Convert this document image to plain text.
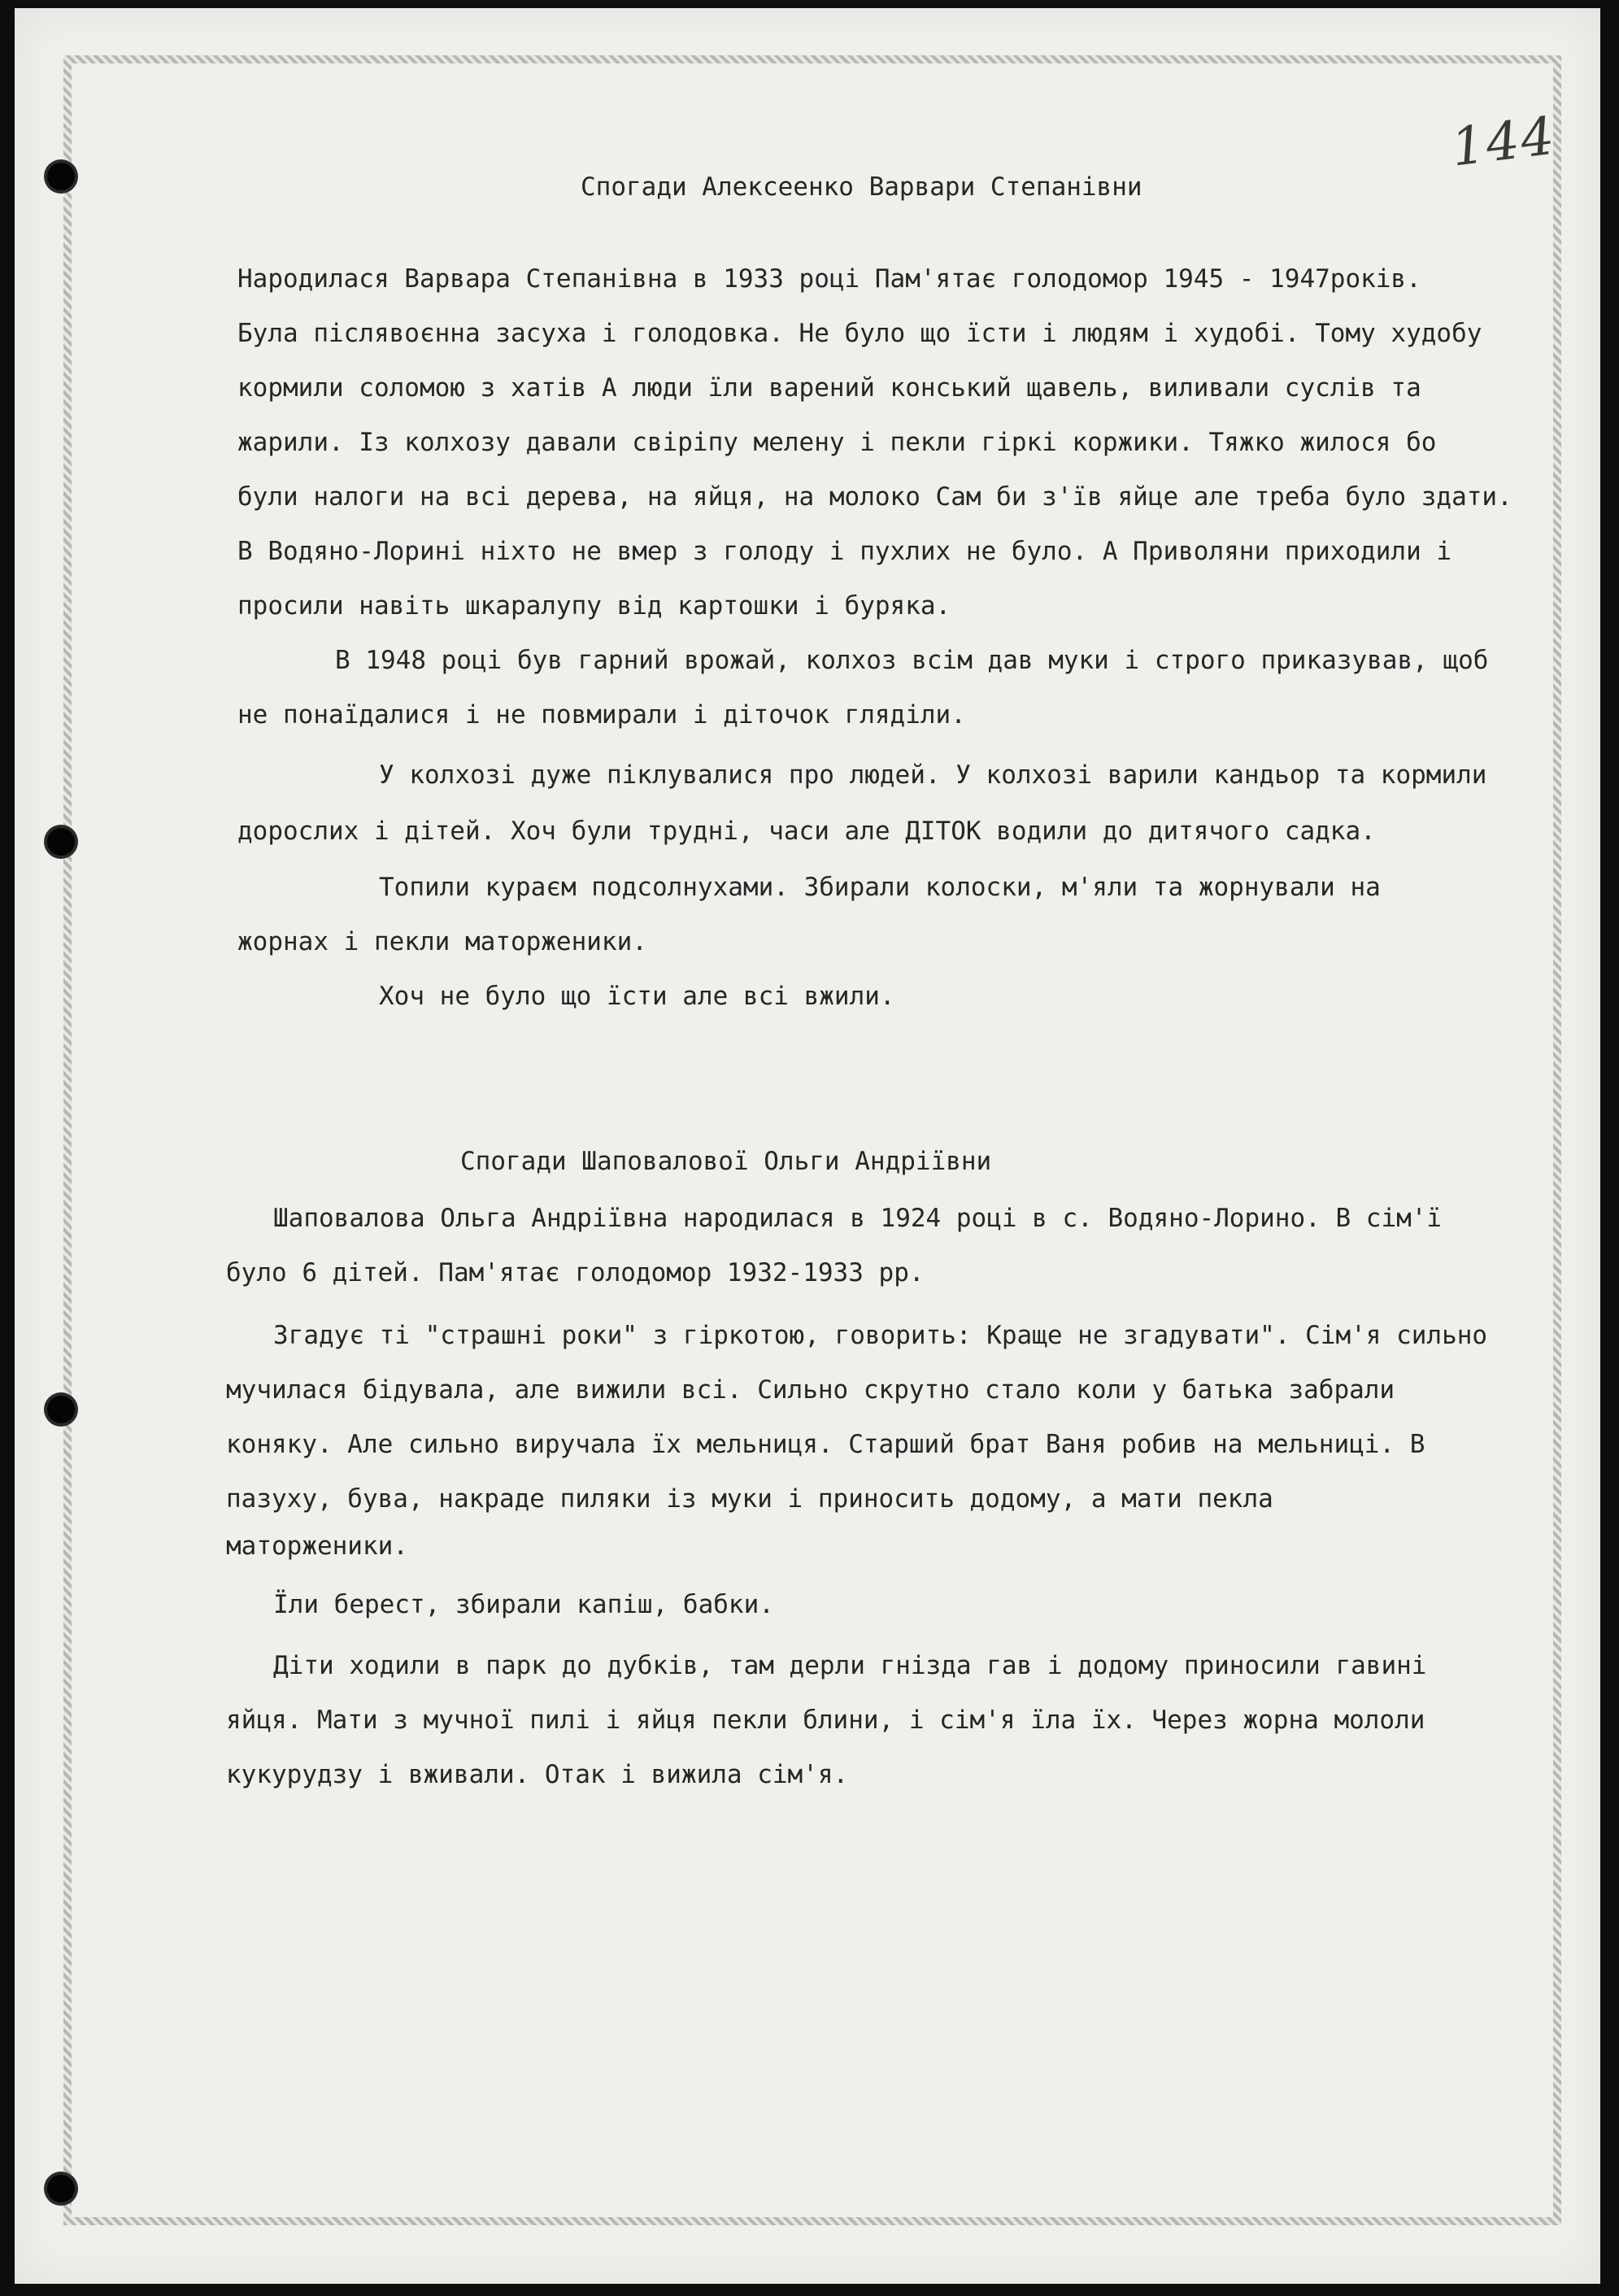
144
Спогади Алексеенко Варвари Степанівни
Народилася Варвара Степанівна в 1933 році Пам'ятає голодомор 1945 - 1947років.
Була післявоєнна засуха і голодовка. Не було що їсти і людям і худобі. Тому худобу
кормили соломою з хатів А люди їли варений конський щавель, виливали суслів та
жарили. Із колхозу давали свіріпу мелену і пекли гіркі коржики. Тяжко жилося бо
були налоги на всі дерева, на яйця, на молоко Сам би з'їв яйце але треба було здати.
В Водяно-Лорині ніхто не вмер з голоду і пухлих не було. А Приволяни приходили і
просили навіть шкаралупу від картошки і буряка.
В 1948 році був гарний врожай, колхоз всім дав муки і строго приказував, щоб
не понаїдалися і не повмирали і діточок гляділи.
У колхозі дуже піклувалися про людей. У колхозі варили кандьор та кормили
дорослих і дітей. Хоч були трудні, часи але ДІТОК водили до дитячого садка.
Топили кураєм подсолнухами. Збирали колоски, м'яли та жорнували на
жорнах і пекли маторженики.
Хоч не було що їсти але всі вжили.
Спогади Шаповалової Ольги Андріївни
Шаповалова Ольга Андріївна народилася в 1924 році в с. Водяно-Лорино. В сім'ї
було 6 дітей. Пам'ятає голодомор 1932-1933 рр.
Згадує ті "страшні роки" з гіркотою, говорить: Краще не згадувати". Сім'я сильно
мучилася бідувала, але вижили всі. Сильно скрутно стало коли у батька забрали
коняку. Але сильно виручала їх мельниця. Старший брат Ваня робив на мельниці. В
пазуху, бува, накраде пиляки із муки і приносить додому, а мати пекла
маторженики.
Їли берест, збирали капіш, бабки.
Діти ходили в парк до дубків, там дерли гнізда гав і додому приносили гавині
яйця. Мати з мучної пилі і яйця пекли блини, і сім'я їла їх. Через жорна мололи
кукурудзу і вживали. Отак і вижила сім'я.
